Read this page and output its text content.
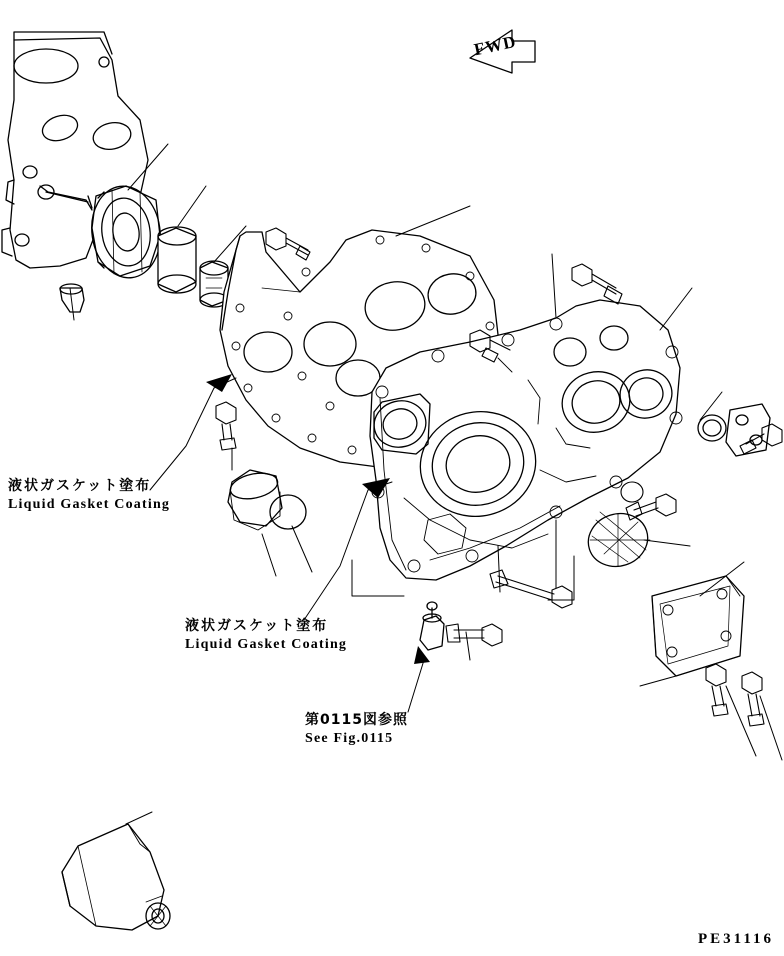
液状ガスケット塗布
Liquid Gasket Coating
液状ガスケット塗布
Liquid Gasket Coating
第0115図参照
See Fig.0115
FWD
PE31116
